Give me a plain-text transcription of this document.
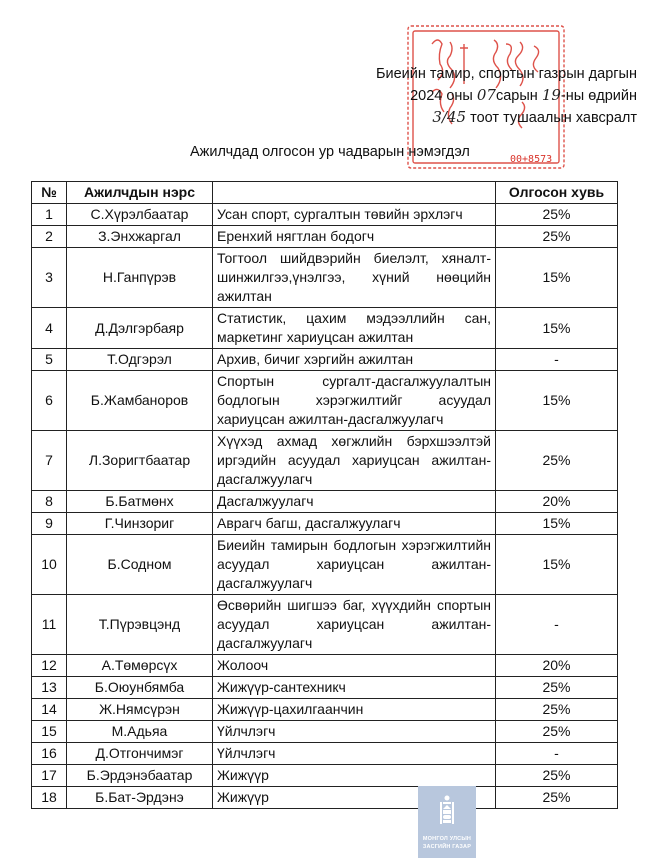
00+8573
Биеийн тамир, спортын газрын даргын
2024 оны 07сарын 19-ны өдрийн
3/45 тоот тушаалын хавсралт
Ажилчдад олгосон ур чадварын нэмэгдэл
№	Ажилчдын нэрс		Олгосон хувь
1	С.Хүрэлбаатар	Усан спорт, сургалтын төвийн эрхлэгч	25%
2	З.Энхжаргал	Еренхий нягтлан бодогч	25%
3	Н.Ганпүрэв	Тогтоол шийдвэрийн биелэлт, хяналт-шинжилгээ,үнэлгээ, хүний нөөцийн ажилтан	15%
4	Д.Дэлгэрбаяр	Статистик, цахим мэдээллийн сан, маркетинг хариуцсан ажилтан	15%
5	Т.Одгэрэл	Архив, бичиг хэргийн ажилтан	-
6	Б.Жамбаноров	Спортын сургалт-дасгалжуулалтын бодлогын хэрэгжилтийг асуудал хариуцсан ажилтан-дасгалжуулагч	15%
7	Л.Зоригтбаатар	Хүүхэд ахмад хөгжлийн бэрхшээлтэй иргэдийн асуудал хариуцсан ажилтан-дасгалжуулагч	25%
8	Б.Батмөнх	Дасгалжуулагч	20%
9	Г.Чинзориг	Аврагч багш, дасгалжуулагч	15%
10	Б.Содном	Биеийн тамирын бодлогын хэрэгжилтийн асуудал хариуцсан ажилтан-дасгалжуулагч	15%
11	Т.Пүрэвцэнд	Өсвөрийн шигшээ баг, хүүхдийн спортын асуудал хариуцсан ажилтан-дасгалжуулагч	-
12	А.Төмөрсүх	Жолооч	20%
13	Б.Оюунбямба	Жижүүр-сантехникч	25%
14	Ж.Нямсүрэн	Жижүүр-цахилгаанчин	25%
15	М.Адьяа	Үйлчлэгч	25%
16	Д.Отгончимэг	Үйлчлэгч	-
17	Б.Эрдэнэбаатар	Жижүүр	25%
18	Б.Бат-Эрдэнэ	Жижүүр	25%
МОНГОЛ УЛСЫН
ЗАСГИЙН ГАЗАР
